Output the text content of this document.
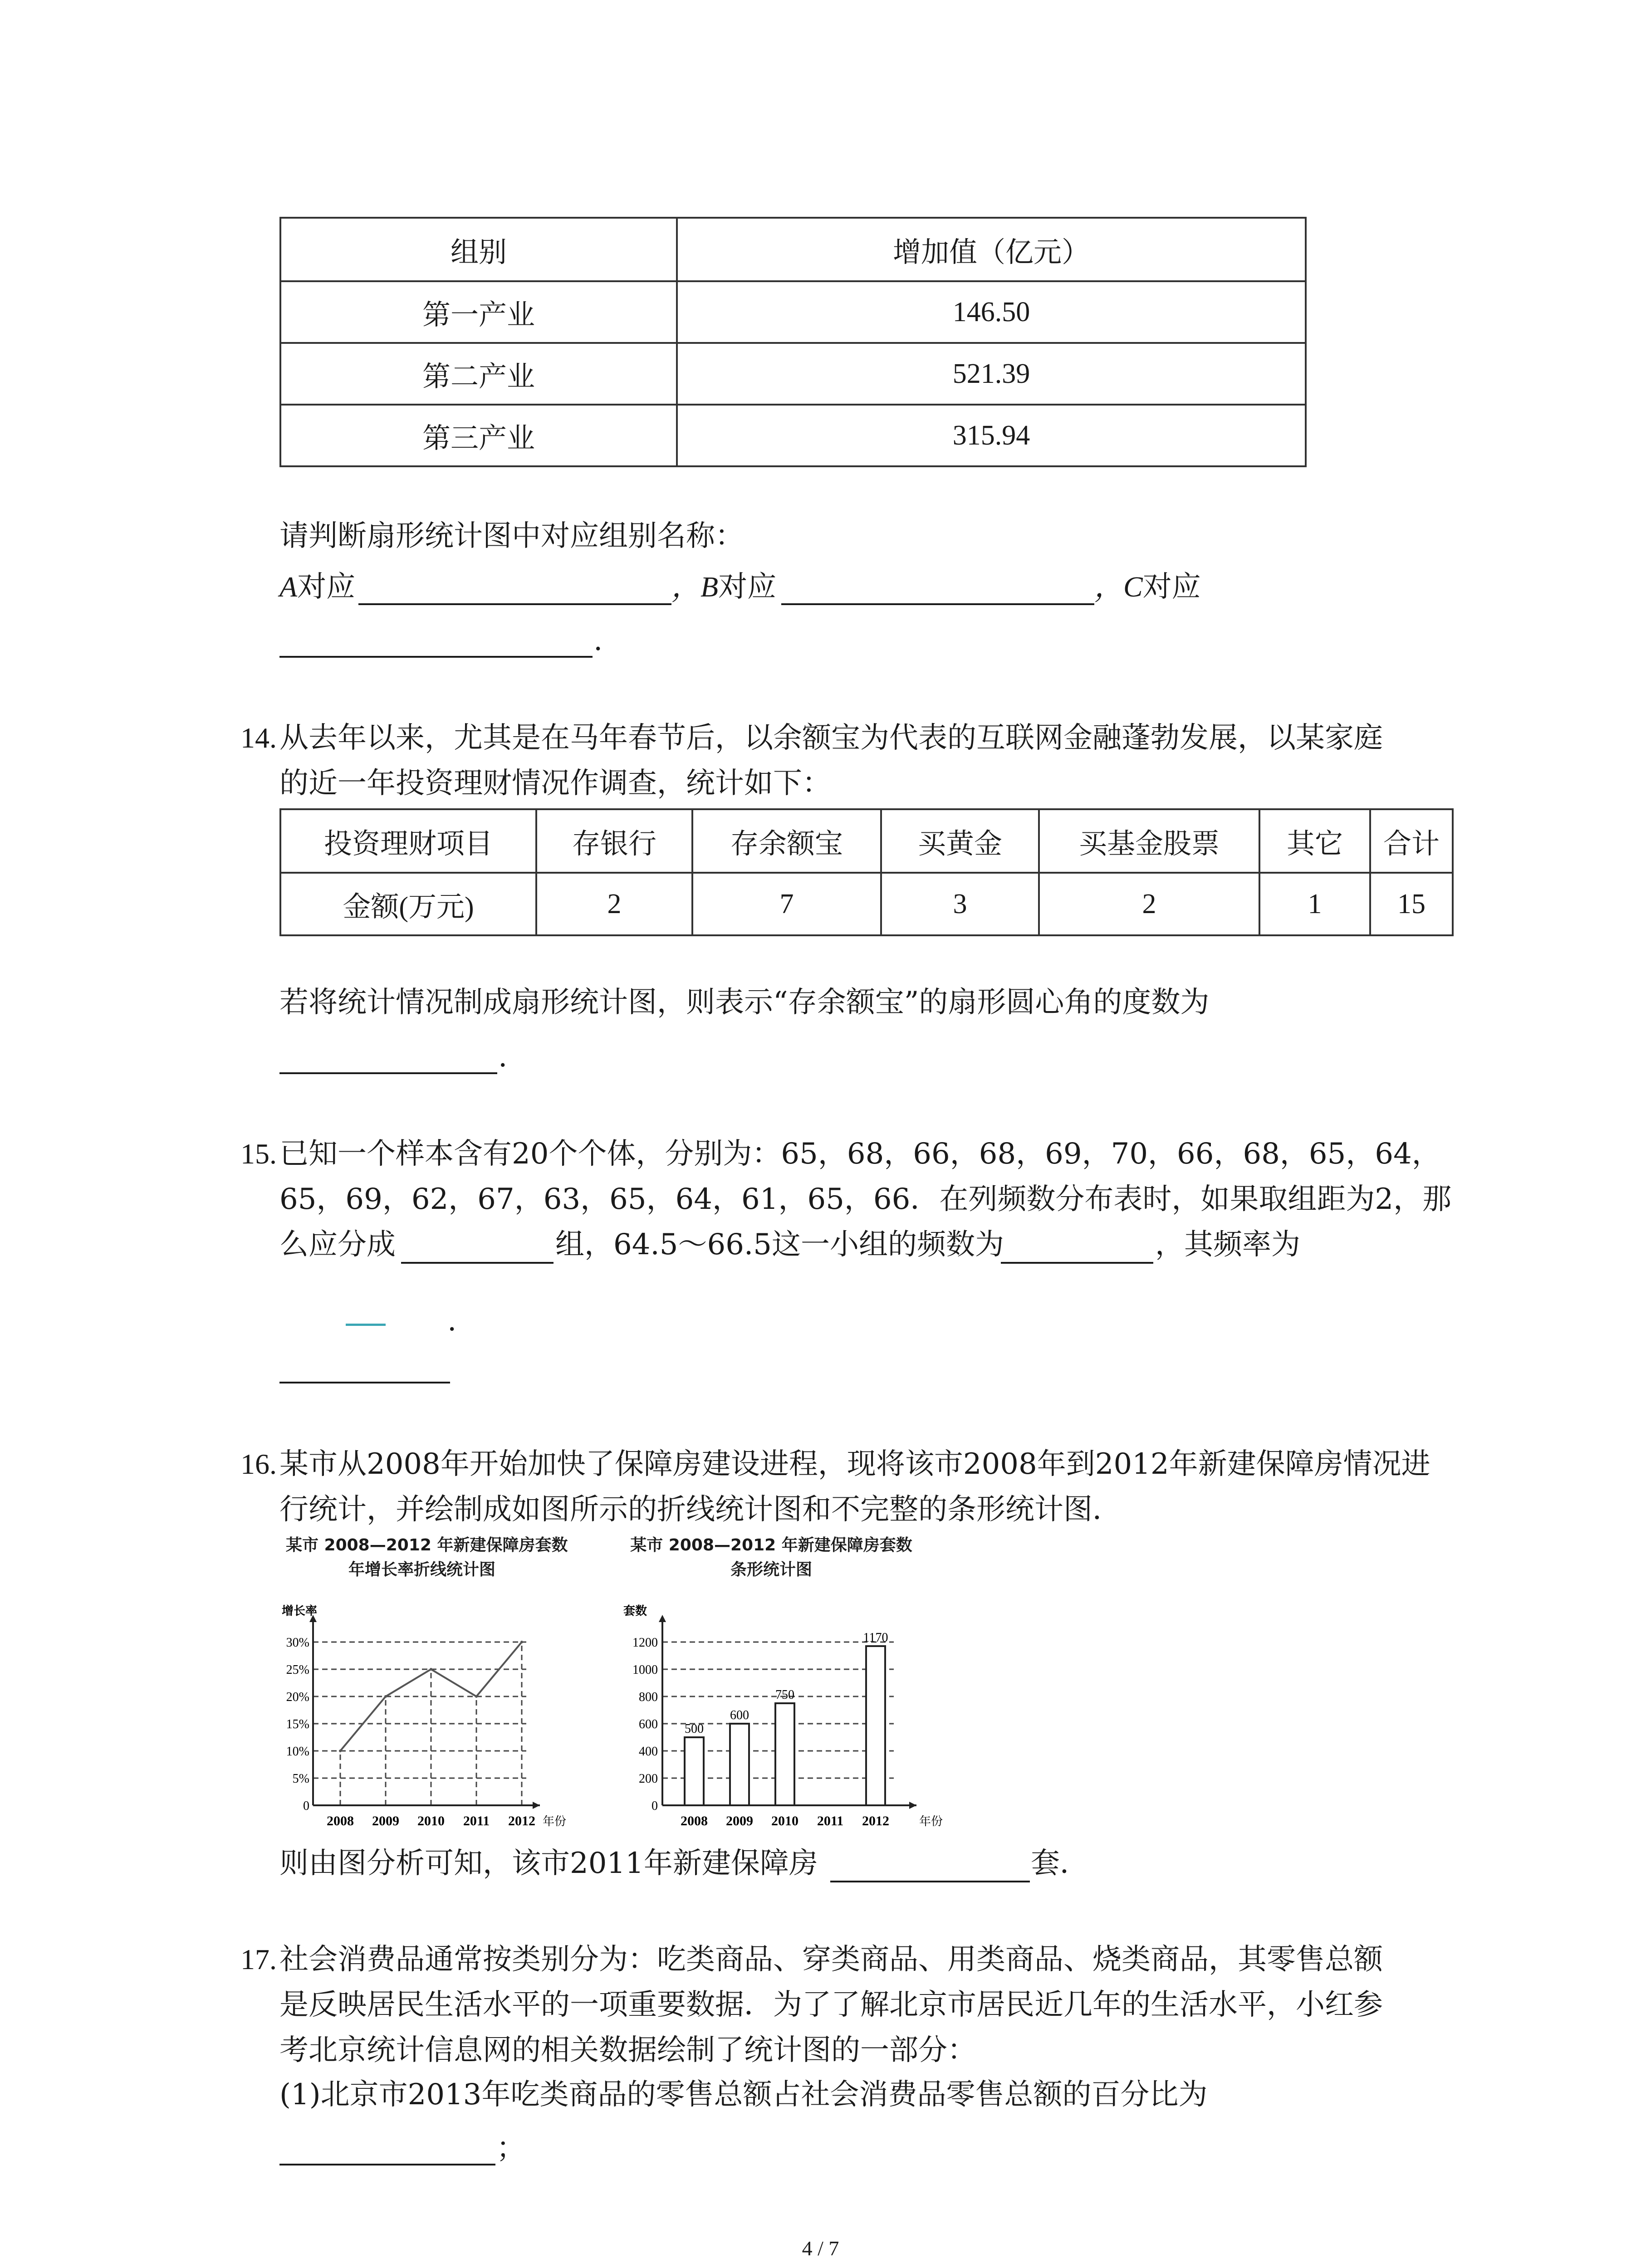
组别	增加值（亿元）
第一产业	146.50
第二产业	521.39
第三产业	315.94
请判断扇形统计图中对应组别名称：
A对应	，B对应	，C对应
.
14. 从去年以来，尤其是在马年春节后，以余额宝为代表的互联网金融蓬勃发展，以某家庭
的近一年投资理财情况作调查，统计如下：
投资理财项目	存银行	存余额宝	买黄金	买基金股票	其它	合计
金额(万元)	2	7	3	2	1	15
若将统计情况制成扇形统计图，则表示“存余额宝”的扇形圆心角的度数为
.
15. 已知一个样本含有20个个体，分别为：65，68，66，68，69，70，66，68，65，64，
65，69，62，67，63，65，64，61，65，66．在列频数分布表时，如果取组距为2，那
么应分成	组，64.5～66.5这一小组的频数为	，其频率为
.
16. 某市从2008年开始加快了保障房建设进程，现将该市2008年到2012年新建保障房情况进
行统计，并绘制成如图所示的折线统计图和不完整的条形统计图．
某市 2008—2012 年新建保障房套数
年增长率折线统计图
0
5%
10%
15%
20%
25%
30%
2008 2009 2010 2011 2012
增长率
年份
某市 2008—2012 年新建保障房套数
条形统计图
0
200
400
600
800
1000
1200
套数
年份
2008
500
2009
600
2010
750
2011 2012
1170
则由图分析可知，该市2011年新建保障房	套．
17. 社会消费品通常按类别分为：吃类商品、穿类商品、用类商品、烧类商品，其零售总额
是反映居民生活水平的一项重要数据．为了了解北京市居民近几年的生活水平，小红参
考北京统计信息网的相关数据绘制了统计图的一部分：
(1)北京市2013年吃类商品的零售总额占社会消费品零售总额的百分比为
；
4 / 7
